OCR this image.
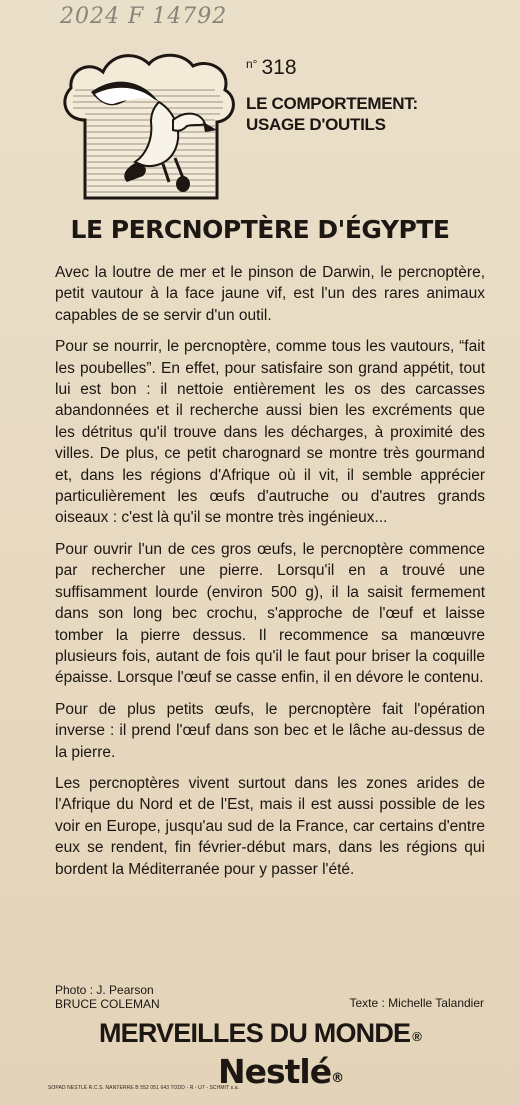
2024 F 14792
$^{n^\circ}$ 318
LE COMPORTEMENT:
USAGE D'OUTILS
LE PERCNOPTÈRE D'ÉGYPTE

Avec la loutre de mer et le pinson de Darwin, le percnoptère, petit vautour à la face jaune vif, est l'un des rares animaux capables de se servir d'un outil.

Pour se nourrir, le percnoptère, comme tous les vautours, “fait les poubelles”. En effet, pour satisfaire son grand appétit, tout lui est bon : il nettoie entièrement les os des carcasses abandonnées et il recherche aussi bien les excréments que les détritus qu'il trouve dans les décharges, à proximité des villes. De plus, ce petit charognard se montre très gourmand et, dans les régions d'Afrique où il vit, il semble apprécier particulièrement les œufs d'autruche ou d'autres grands oiseaux : c'est là qu'il se montre très ingénieux...

Pour ouvrir l'un de ces gros œufs, le percnoptère commence par rechercher une pierre. Lorsqu'il en a trouvé une suffisamment lourde (environ 500 g), il la saisit fermement dans son long bec crochu, s'approche de l'œuf et laisse tomber la pierre dessus. Il recommence sa manœuvre plusieurs fois, autant de fois qu'il le faut pour briser la coquille épaisse. Lorsque l'œuf se casse enfin, il en dévore le contenu.

Pour de plus petits œufs, le percnoptère fait l'opération inverse : il prend l'œuf dans son bec et le lâche au-dessus de la pierre.

Les percnoptères vivent surtout dans les zones arides de l'Afrique du Nord et de l'Est, mais il est aussi possible de les voir en Europe, jusqu'au sud de la France, car certains d'entre eux se rendent, fin février-début mars, dans les régions qui bordent la Méditerranée pour y passer l'été.

Photo : J. Pearson
BRUCE COLEMAN	Texte : Michelle Talandier
MERVEILLES DU MONDE ®
SOPAD NESTLÉ R.C.S. NANTERRE B 552 051 643 TODD - R - U7 - SCHMIT s.a.
Nestlé®
